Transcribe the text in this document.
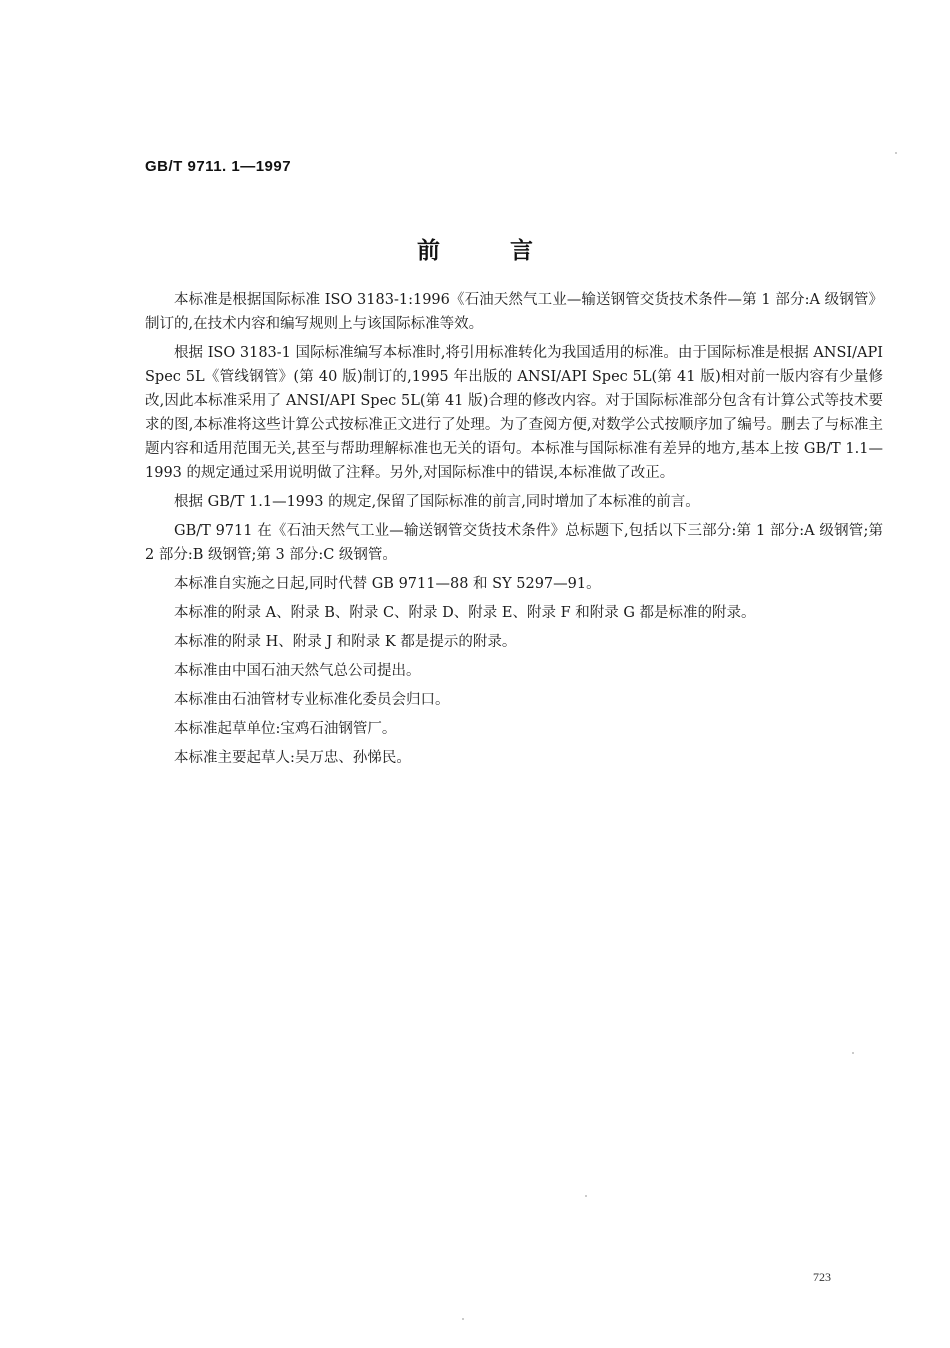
GB/T 9711. 1—1997
前言

本标准是根据国际标准 ISO 3183-1:1996《石油天然气工业—输送钢管交货技术条件—第 1 部分:A 级钢管》制订的,在技术内容和编写规则上与该国际标准等效。

根据 ISO 3183-1 国际标准编写本标准时,将引用标准转化为我国适用的标准。由于国际标准是根据 ANSI/API Spec 5L《管线钢管》(第 40 版)制订的,1995 年出版的 ANSI/API Spec 5L(第 41 版)相对前一版内容有少量修改,因此本标准采用了 ANSI/API Spec 5L(第 41 版)合理的修改内容。对于国际标准部分包含有计算公式等技术要求的图,本标准将这些计算公式按标准正文进行了处理。为了查阅方便,对数学公式按顺序加了编号。删去了与标准主题内容和适用范围无关,甚至与帮助理解标准也无关的语句。本标准与国际标准有差异的地方,基本上按 GB/T 1.1—1993 的规定通过采用说明做了注释。另外,对国际标准中的错误,本标准做了改正。

根据 GB/T 1.1—1993 的规定,保留了国际标准的前言,同时增加了本标准的前言。

GB/T 9711 在《石油天然气工业—输送钢管交货技术条件》总标题下,包括以下三部分:第 1 部分:A 级钢管;第 2 部分:B 级钢管;第 3 部分:C 级钢管。

本标准自实施之日起,同时代替 GB 9711—88 和 SY 5297—91。

本标准的附录 A、附录 B、附录 C、附录 D、附录 E、附录 F 和附录 G 都是标准的附录。

本标准的附录 H、附录 J 和附录 K 都是提示的附录。

本标准由中国石油天然气总公司提出。

本标准由石油管材专业标准化委员会归口。

本标准起草单位:宝鸡石油钢管厂。

本标准主要起草人:吴万忠、孙悌民。

723
